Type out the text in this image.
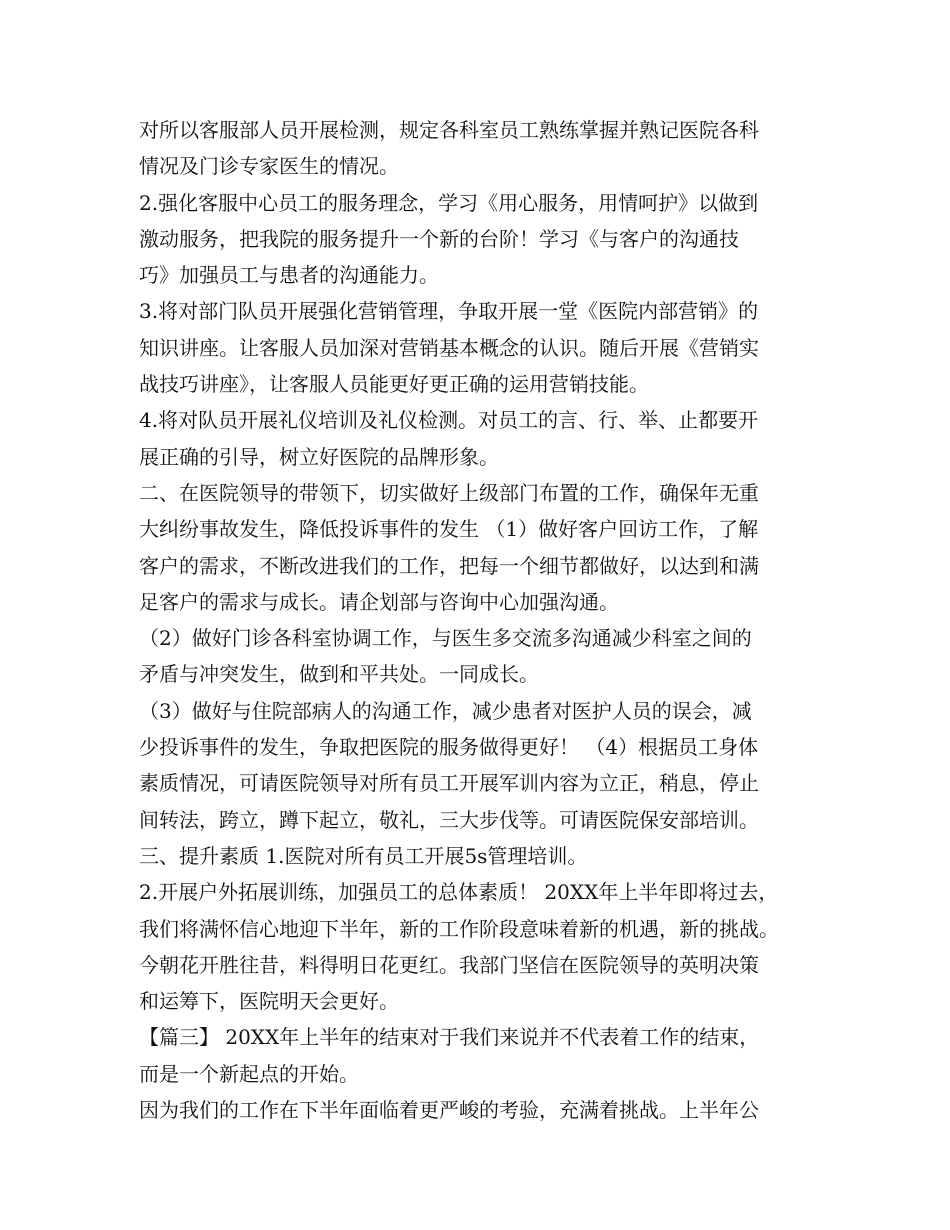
对所以客服部人员开展检测，规定各科室员工熟练掌握并熟记医院各科
情况及门诊专家医生的情况。
2.强化客服中心员工的服务理念，学习《用心服务，用情呵护》以做到
激动服务，把我院的服务提升一个新的台阶！学习《与客户的沟通技
巧》加强员工与患者的沟通能力。
3.将对部门队员开展强化营销管理，争取开展一堂《医院内部营销》的
知识讲座。让客服人员加深对营销基本概念的认识。随后开展《营销实
战技巧讲座》，让客服人员能更好更正确的运用营销技能。
4.将对队员开展礼仪培训及礼仪检测。对员工的言、行、举、止都要开
展正确的引导，树立好医院的品牌形象。
二、在医院领导的带领下，切实做好上级部门布置的工作，确保年无重
大纠纷事故发生，降低投诉事件的发生 （1）做好客户回访工作，了解
客户的需求，不断改进我们的工作，把每一个细节都做好，以达到和满
足客户的需求与成长。请企划部与咨询中心加强沟通。
（2）做好门诊各科室协调工作，与医生多交流多沟通减少科室之间的
矛盾与冲突发生，做到和平共处。一同成长。
（3）做好与住院部病人的沟通工作，减少患者对医护人员的误会，减
少投诉事件的发生，争取把医院的服务做得更好！ （4）根据员工身体
素质情况，可请医院领导对所有员工开展军训内容为立正，稍息，停止
间转法，跨立，蹲下起立，敬礼，三大步伐等。可请医院保安部培训。
三、提升素质 1.医院对所有员工开展5s管理培训。
2.开展户外拓展训练，加强员工的总体素质！ 20XX年上半年即将过去，
我们将满怀信心地迎下半年，新的工作阶段意味着新的机遇，新的挑战。
今朝花开胜往昔，料得明日花更红。我部门坚信在医院领导的英明决策
和运筹下，医院明天会更好。
【篇三】 20XX年上半年的结束对于我们来说并不代表着工作的结束，
而是一个新起点的开始。
因为我们的工作在下半年面临着更严峻的考验，充满着挑战。上半年公
